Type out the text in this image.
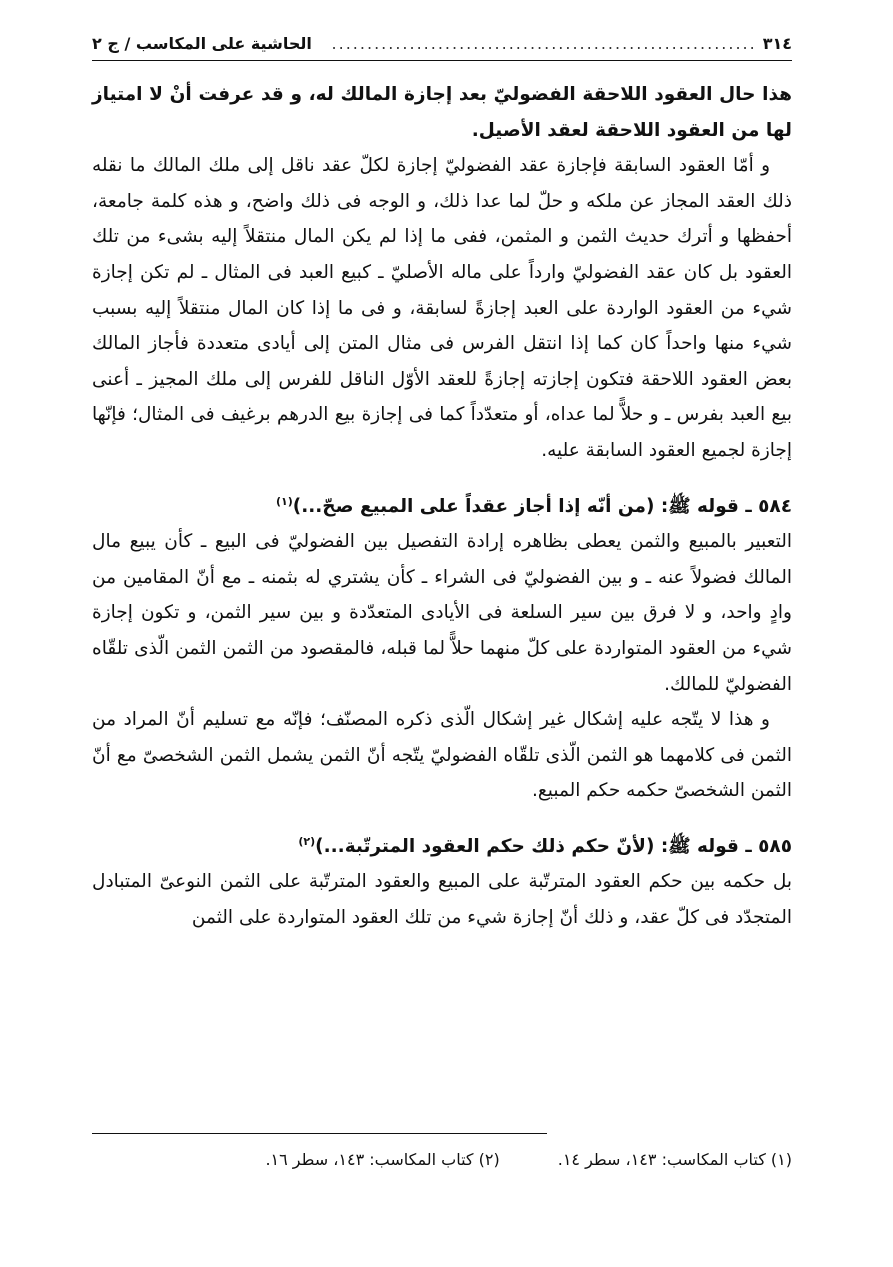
٣١٤
............................................................
الحاشية على المكاسب / ج ٢

هذا حال العقود اللاحقة الفضوليّ بعد إجازة المالك له، و قد عرفت أنْ لا امتياز لها من العقود اللاحقة لعقد الأصيل.

و أمّا العقود السابقة فإجازة عقد الفضوليّ إجازة لكلّ عقد ناقل إلى ملك المالك ما نقله ذلك العقد المجاز عن ملكه و حلّ لما عدا ذلك، و الوجه فى ذلك واضح، و هذه كلمة جامعة، أحفظها و أترك حديث الثمن و المثمن، ففى ما إذا لم يكن المال منتقلاً إليه بشىء من تلك العقود بل كان عقد الفضوليّ وارداً على ماله الأصليّ ـ كبيع العبد فى المثال ـ لم تكن إجازة شيء من العقود الواردة على العبد إجازةً لسابقة، و فى ما إذا كان المال منتقلاً إليه بسبب شيء منها واحداً كان كما إذا انتقل الفرس فى مثال المتن إلى أيادى متعددة فأجاز المالك بعض العقود اللاحقة فتكون إجازته إجازةً للعقد الأوّل الناقل للفرس إلى ملك المجيز ـ أعنى بيع العبد بفرس ـ و حلاًّ لما عداه، أو متعدّداً كما فى إجازة بيع الدرهم برغيف فى المثال؛ فإنّها إجازة لجميع العقود السابقة عليه.

٥٨٤ ـ قوله ﷺ: (من أنّه إذا أجاز عقداً على المبيع صحّ...)$^{(١)}$

التعبير بالمبيع والثمن يعطى بظاهره إرادة التفصيل بين الفضوليّ فى البيع ـ كأن يبيع مال المالك فضولاً عنه ـ و بين الفضوليّ فى الشراء ـ كأن يشتري له بثمنه ـ مع أنّ المقامين من وادٍ واحد، و لا فرق بين سير السلعة فى الأيادى المتعدّدة و بين سير الثمن، و تكون إجازة شيء من العقود المتواردة على كلّ منهما حلاًّ لما قبله، فالمقصود من الثمن الثمن الّذى تلقّاه الفضوليّ للمالك.

و هذا لا يتّجه عليه إشكال غير إشكال الّذى ذكره المصنّف؛ فإنّه مع تسليم أنّ المراد من الثمن فى كلامهما هو الثمن الّذى تلقّاه الفضوليّ يتّجه أنّ الثمن يشمل الثمن الشخصىّ مع أنّ الثمن الشخصىّ حكمه حكم المبيع.

٥٨٥ ـ قوله ﷺ: (لأنّ حكم ذلك حكم العقود المترتّبة...)$^{(٢)}$

بل حكمه بين حكم العقود المترتّبة على المبيع والعقود المترتّبة على الثمن النوعىّ المتبادل المتجدّد فى كلّ عقد، و ذلك أنّ إجازة شيء من تلك العقود المتواردة على الثمن

(١) كتاب المكاسب: ١٤٣، سطر ١٤.
(٢) كتاب المكاسب: ١٤٣، سطر ١٦.
